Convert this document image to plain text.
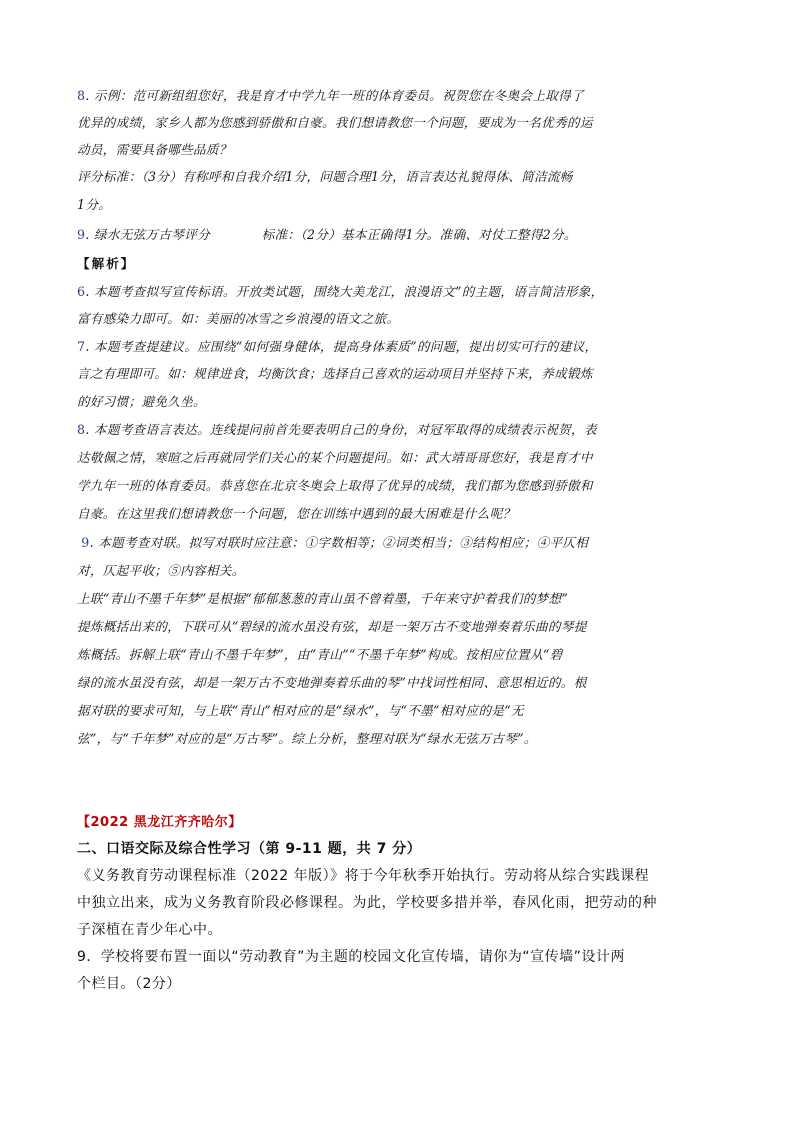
8. 示例：范可新组组您好，我是育才中学九年一班的体育委员。祝贺您在冬奥会上取得了
优异的成绩，家乡人都为您感到骄傲和自豪。我们想请教您一个问题，要成为一名优秀的运
动员，需要具备哪些品质？
评分标准：（3分）有称呼和自我介绍1分，问题合理1分，语言表达礼貌得体、简洁流畅
1分。
9. 绿水无弦万古琴评分            标准：（2分）基本正确得1分。准确、对仗工整得2分。
【解析】
6. 本题考查拟写宣传标语。开放类试题，围绕大美龙江，浪漫语文”的主题，语言简洁形象，
富有感染力即可。如：美丽的冰雪之乡浪漫的语文之旅。
7. 本题考查提建议。应围绕“如何强身健体，提高身体素质”的问题，提出切实可行的建议，
言之有理即可。如：规律进食，均衡饮食；选择自己喜欢的运动项目并坚持下来，养成锻炼
的好习惯；避免久坐。
8. 本题考查语言表达。连线提问前首先要表明自己的身份，对冠军取得的成绩表示祝贺，表
达敬佩之情，寒暄之后再就同学们关心的某个问题提问。如：武大靖哥哥您好，我是育才中
学九年一班的体育委员。恭喜您在北京冬奥会上取得了优异的成绩，我们都为您感到骄傲和
自豪。在这里我们想请教您一个问题，您在训练中遇到的最大困难是什么呢？
9. 本题考查对联。拟写对联时应注意：①字数相等；②词类相当；③结构相应；④平仄相
对，仄起平收；⑤内容相关。
上联“青山不墨千年梦”是根据“郁郁葱葱的青山虽不曾着墨，千年来守护着我们的梦想”
提炼概括出来的，下联可从“碧绿的流水虽没有弦，却是一架万古不变地弹奏着乐曲的琴提
炼概括。拆解上联“青山不墨千年梦”，由“青山”“不墨千年梦”构成。按相应位置从“碧
绿的流水虽没有弦，却是一架万古不变地弹奏着乐曲的琴”中找词性相同、意思相近的。根
据对联的要求可知，与上联“青山”相对应的是“绿水”，与“不墨”相对应的是“无
弦”，与“千年梦”对应的是“万古琴”。综上分析，整理对联为“绿水无弦万古琴”。
【2022 黑龙江齐齐哈尔】
二、口语交际及综合性学习（第 9-11 题，共 7 分）
《义务教育劳动课程标准（2022 年版）》将于今年秋季开始执行。劳动将从综合实践课程
中独立出来，成为义务教育阶段必修课程。为此，学校要多措并举，春风化雨，把劳动的种
子深植在青少年心中。
9．学校将要布置一面以“劳动教育”为主题的校园文化宣传墙，请你为“宣传墙”设计两
个栏目。（2分）
